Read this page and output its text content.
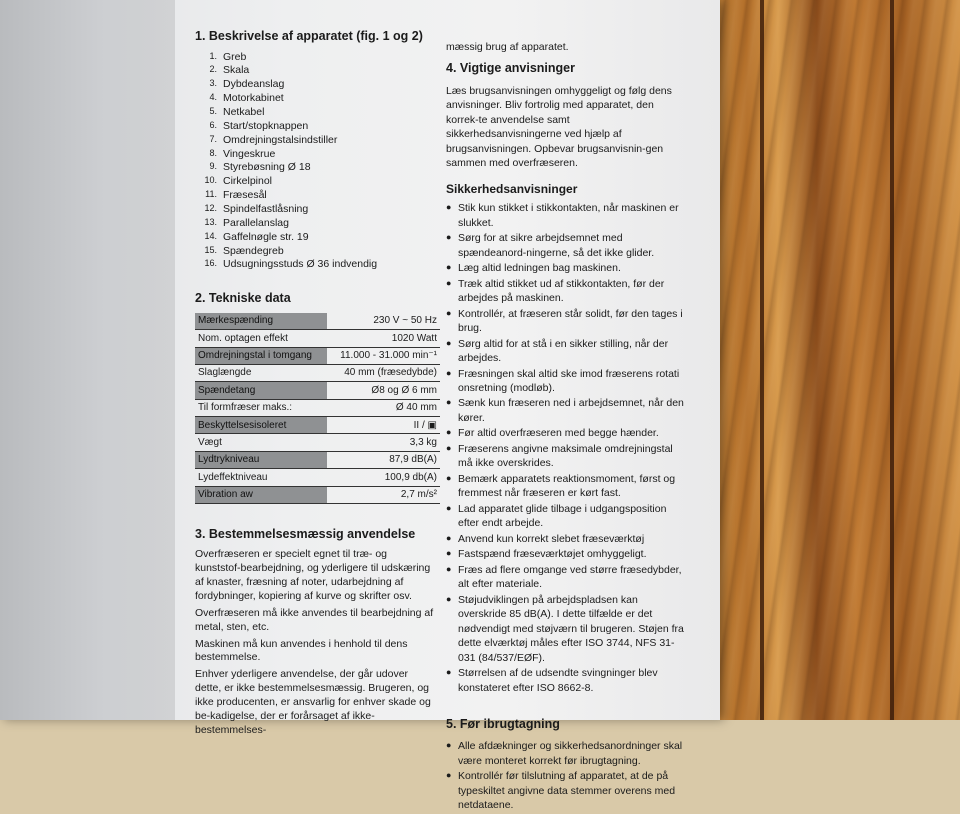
1. Beskrivelse af apparatet (fig. 1 og 2)
1. Greb
2. Skala
3. Dybdeanslag
4. Motorkabinet
5. Netkabel
6. Start/stopknappen
7. Omdrejningstalsindstiller
8. Vingeskrue
9. Styrebøsning Ø 18
10. Cirkelpinol
11. Fræsesål
12. Spindelfastlåsning
13. Parallelanslag
14. Gaffelnøgle str. 19
15. Spændegreb
16. Udsugningsstuds Ø 36 indvendig
2. Tekniske data
Mærkespænding	230 V ~ 50 Hz
Nom. optagen effekt	1020 Watt
Omdrejningstal i tomgang	11.000 - 31.000 min⁻¹
Slaglængde	40 mm (fræsedybde)
Spændetang	Ø8 og Ø 6 mm
Til formfræser maks.:	Ø 40 mm
Beskyttelsesisoleret	II / ▣
Vægt	3,3 kg
Lydtrykniveau	87,9 dB(A)
Lydeffektniveau	100,9 db(A)
Vibration aw	2,7 m/s²
3. Bestemmelsesmæssig anvendelse

Overfræseren er specielt egnet til træ- og kunststof-bearbejdning, og yderligere til udskæring af knaster, fræsning af noter, udarbejdning af fordybninger, kopiering af kurve og skrifter osv.

Overfræseren må ikke anvendes til bearbejdning af metal, sten, etc.

Maskinen må kun anvendes i henhold til dens bestemmelse.

Enhver yderligere anvendelse, der går udover dette, er ikke bestemmelsesmæssig. Brugeren, og ikke producenten, er ansvarlig for enhver skade og be-kadigelse, der er forårsaget af ikke-bestemmelses-

mæssig brug af apparatet.

4. Vigtige anvisninger

Læs brugsanvisningen omhyggeligt og følg dens anvisninger. Bliv fortrolig med apparatet, den korrek-te anvendelse samt sikkerhedsanvisningerne ved hjælp af brugsanvisningen. Opbevar brugsanvisnin-gen sammen med overfræseren.

Sikkerhedsanvisninger
● Stik kun stikket i stikkontakten, når maskinen er slukket.
● Sørg for at sikre arbejdsemnet med spændeanord-ningerne, så det ikke glider.
● Læg altid ledningen bag maskinen.
● Træk altid stikket ud af stikkontakten, før der arbejdes på maskinen.
● Kontrollér, at fræseren står solidt, før den tages i brug.
● Sørg altid for at stå i en sikker stilling, når der arbejdes.
● Fræsningen skal altid ske imod fræserens rotati onsretning (modløb).
● Sænk kun fræseren ned i arbejdsemnet, når den kører.
● Før altid overfræseren med begge hænder.
● Fræserens angivne maksimale omdrejningstal må ikke overskrides.
● Bemærk apparatets reaktionsmoment, først og fremmest når fræseren er kørt fast.
● Lad apparatet glide tilbage i udgangsposition efter endt arbejde.
● Anvend kun korrekt slebet fræseværktøj
● Fastspænd fræseværktøjet omhyggeligt.
● Fræs ad flere omgange ved større fræsedybder, alt efter materiale.
● Støjudviklingen på arbejdspladsen kan overskride 85 dB(A). I dette tilfælde er det nødvendigt med støjværn til brugeren. Støjen fra dette elværktøj måles efter ISO 3744, NFS 31-031 (84/537/EØF).
● Størrelsen af de udsendte svingninger blev konstateret efter ISO 8662-8.
5. Før ibrugtagning
● Alle afdækninger og sikkerhedsanordninger skal være monteret korrekt før ibrugtagning.
● Kontrollér før tilslutning af apparatet, at de på typeskiltet angivne data stemmer overens med netdataene.
